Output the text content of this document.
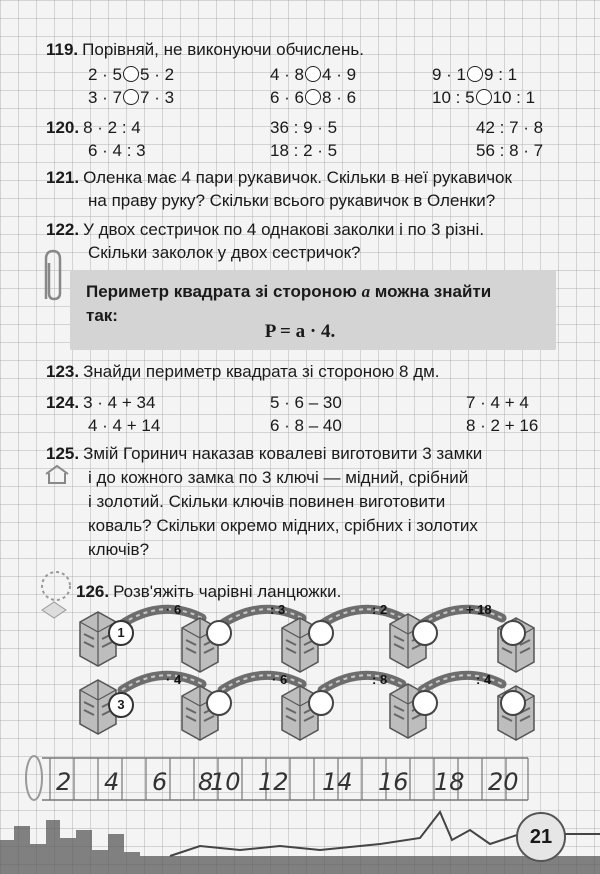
119. Порівняй, не виконуючи обчислень.
2 · 5 5 · 2	4 · 8 4 · 9	9 · 1 9 : 1
3 · 7 7 · 3	6 · 6 8 · 6	10 : 5 10 : 1
120. 8 · 2 : 4	36 : 9 · 5	42 : 7 · 8
6 · 4 : 3	18 : 2 · 5	56 : 8 · 7
121. Оленка має 4 пари рукавичок. Скільки в неї рукавичок
на праву руку? Скільки всього рукавичок в Оленки?
122. У двох сестричок по 4 однакові заколки і по 3 різні.
Скільки заколок у двох сестричок?
Периметр квадрата зі стороною a можна знайти
так:
P = a · 4.
123. Знайди периметр квадрата зі стороною 8 дм.
124. 3 · 4 + 34	5 · 6 – 30	7 · 4 + 4
4 · 4 + 14	6 · 8 – 40	8 · 2 + 16
125. Змій Горинич наказав ковалеві виготовити 3 замки
і до кожного замка по 3 ключі — мідний, срібний
і золотий. Скільки ключів повинен виготовити
коваль? Скільки окремо мідних, срібних і золотих
ключів?
126. Розв'яжіть чарівні ланцюжки.
1
· 6	: 3	: 2	+ 18
3
· 4	· 6	: 8	: 4
2 4 6 8
10 12 14 16 18 20
21
